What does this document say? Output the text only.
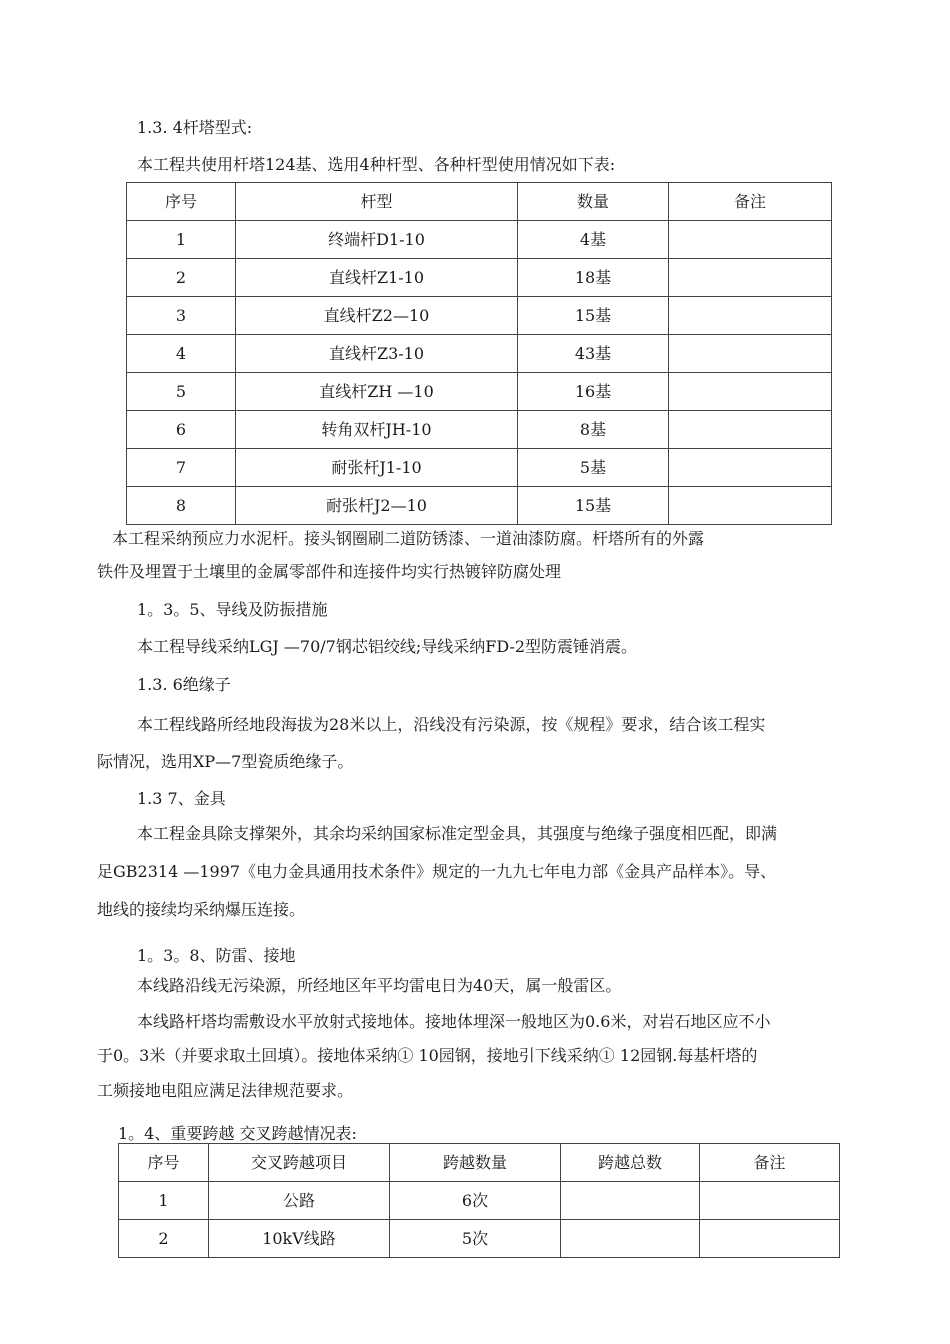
1.3. 4杆塔型式:
本工程共使用杆塔124基、选用4种杆型、各种杆型使用情况如下表:
序号	杆型	数量	备注
1	终端杆D1-10	4基	
2	直线杆Z1-10	18基	
3	直线杆Z2—10	15基	
4	直线杆Z3-10	43基	
5	直线杆ZH —10	16基	
6	转角双杆JH-10	8基	
7	耐张杆J1-10	5基	
8	耐张杆J2—10	15基	
本工程采纳预应力水泥杆。接头钢圈刷二道防锈漆、一道油漆防腐。杆塔所有的外露
铁件及埋置于土壤里的金属零部件和连接件均实行热镀锌防腐处理
1。3。5、导线及防振措施
本工程导线采纳LGJ —70/7钢芯铝绞线;导线采纳FD-2型防震锤消震。
1.3. 6绝缘子
本工程线路所经地段海拔为28米以上，沿线没有污染源，按《规程》要求，结合该工程实
际情况，选用XP—7型瓷质绝缘子。
1.3 7、金具
本工程金具除支撑架外，其余均采纳国家标准定型金具，其强度与绝缘子强度相匹配，即满
足GB2314 —1997《电力金具通用技术条件》规定的一九九七年电力部《金具产品样本》。导、
地线的接续均采纳爆压连接。
1。3。8、防雷、接地
本线路沿线无污染源，所经地区年平均雷电日为40天，属一般雷区。
本线路杆塔均需敷设水平放射式接地体。接地体埋深一般地区为0.6米，对岩石地区应不小
于0。3米（并要求取土回填）。接地体采纳① 10园钢，接地引下线采纳① 12园钢.每基杆塔的
工频接地电阻应满足法律规范要求。
1。4、重要跨越 交叉跨越情况表:
序号	交叉跨越项目	跨越数量	跨越总数	备注
1	公路	6次		
2	10kV线路	5次		
